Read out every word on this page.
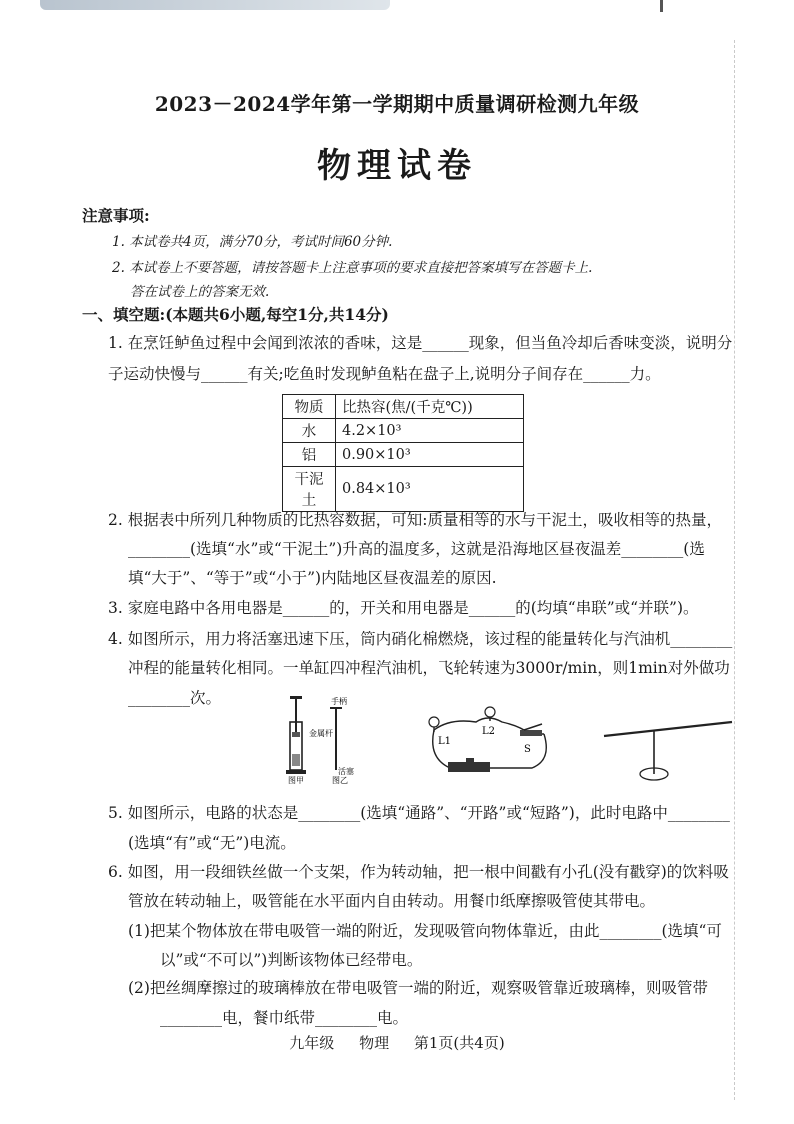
2023－2024学年第一学期期中质量调研检测九年级
物理试卷
注意事项:
1. 本试卷共4页，满分70分，考试时间60分钟.
2. 本试卷上不要答题，请按答题卡上注意事项的要求直接把答案填写在答题卡上.
答在试卷上的答案无效.
一、填空题:(本题共6小题,每空1分,共14分)
1. 在烹饪鲈鱼过程中会闻到浓浓的香味，这是______现象，但当鱼冷却后香味变淡，说明分
子运动快慢与______有关;吃鱼时发现鲈鱼粘在盘子上,说明分子间存在______力。
物质	比热容(焦/(千克℃))
水	4.2×10³
铝	0.90×10³
干泥土	0.84×10³
2. 根据表中所列几种物质的比热容数据，可知:质量相等的水与干泥土，吸收相等的热量，
________(选填“水”或“干泥土”)升高的温度多，这就是沿海地区昼夜温差________(选
填“大于”、“等于”或“小于”)内陆地区昼夜温差的原因.
3. 家庭电路中各用电器是______的，开关和用电器是______的(均填“串联”或“并联”)。
4. 如图所示，用力将活塞迅速下压，筒内硝化棉燃烧，该过程的能量转化与汽油机________
冲程的能量转化相同。一单缸四冲程汽油机，飞轮转速为3000r/min，则1min对外做功
________次。	手柄
金属杆
活塞
图甲	图乙
L1
L2
S
5. 如图所示，电路的状态是________(选填“通路”、“开路”或“短路”)，此时电路中________
(选填“有”或“无”)电流。
6. 如图，用一段细铁丝做一个支架，作为转动轴，把一根中间戳有小孔(没有戳穿)的饮料吸
管放在转动轴上，吸管能在水平面内自由转动。用餐巾纸摩擦吸管使其带电。
(1)把某个物体放在带电吸管一端的附近，发现吸管向物体靠近，由此________(选填“可
以”或“不可以”)判断该物体已经带电。
(2)把丝绸摩擦过的玻璃棒放在带电吸管一端的附近，观察吸管靠近玻璃棒，则吸管带
________电，餐巾纸带________电。
九年级 物理 第1页(共4页)
